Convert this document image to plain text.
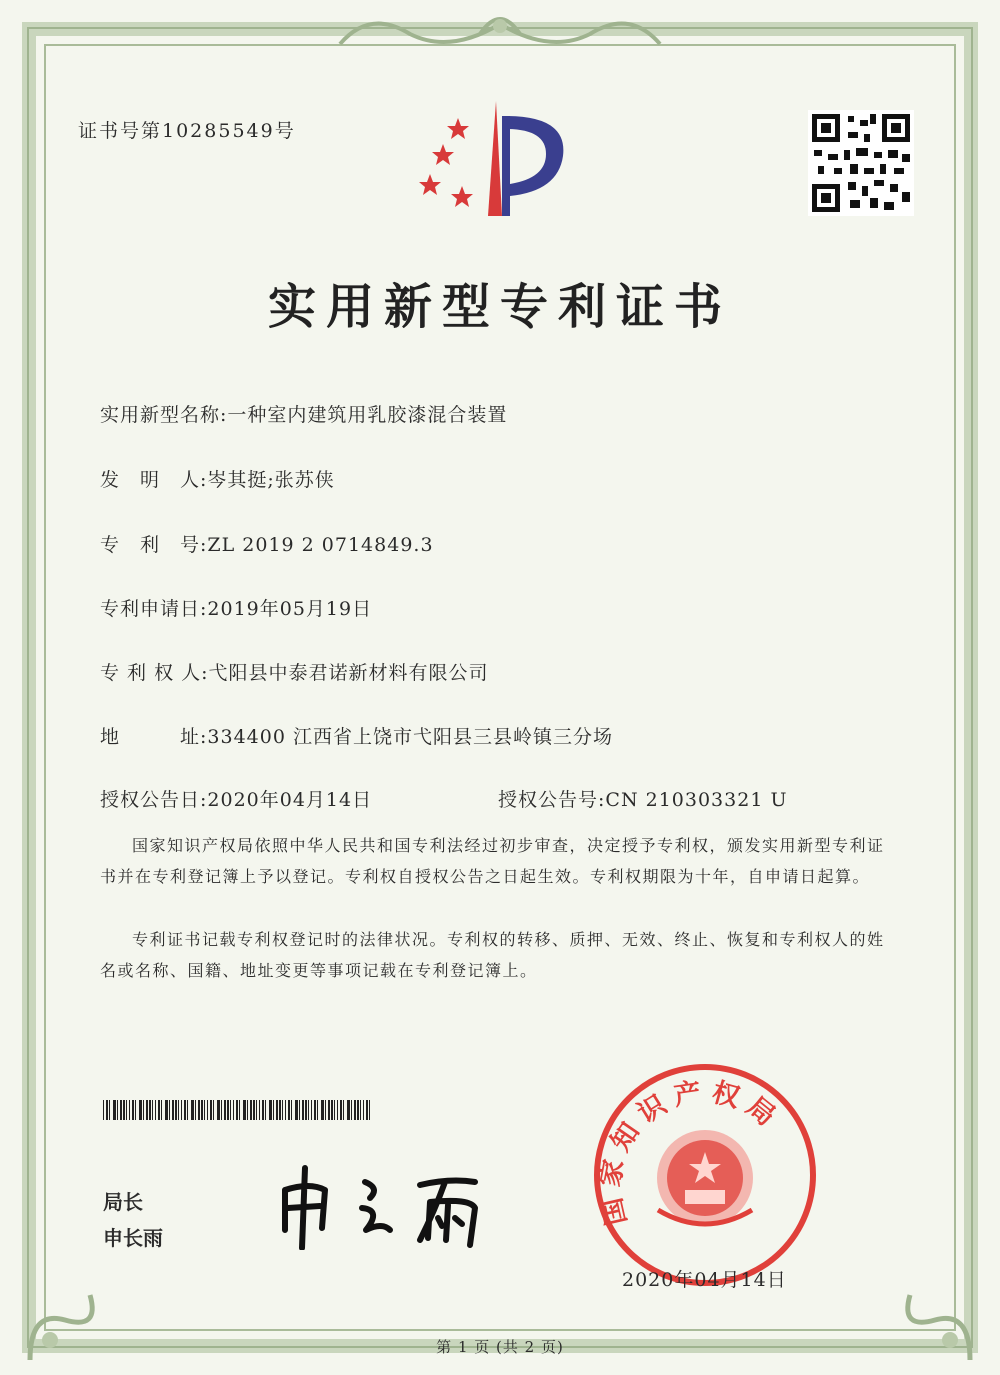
证书号第10285549号
实用新型专利证书
实用新型名称:一种室内建筑用乳胶漆混合装置
发　明　人:岑其挺;张苏侠
专　利　号:ZL 2019 2 0714849.3
专利申请日:2019年05月19日
专 利 权 人:弋阳县中泰君诺新材料有限公司
地　　　址:334400 江西省上饶市弋阳县三县岭镇三分场
授权公告日:2020年04月14日	授权公告号:CN 210303321 U
国家知识产权局依照中华人民共和国专利法经过初步审查，决定授予专利权，颁发实用新型专利证书并在专利登记簿上予以登记。专利权自授权公告之日起生效。专利权期限为十年，自申请日起算。
专利证书记载专利权登记时的法律状况。专利权的转移、质押、无效、终止、恢复和专利权人的姓名或名称、国籍、地址变更等事项记载在专利登记簿上。
局长
申长雨
国家知识产权局
2020年04月14日
第 1 页 (共 2 页)
